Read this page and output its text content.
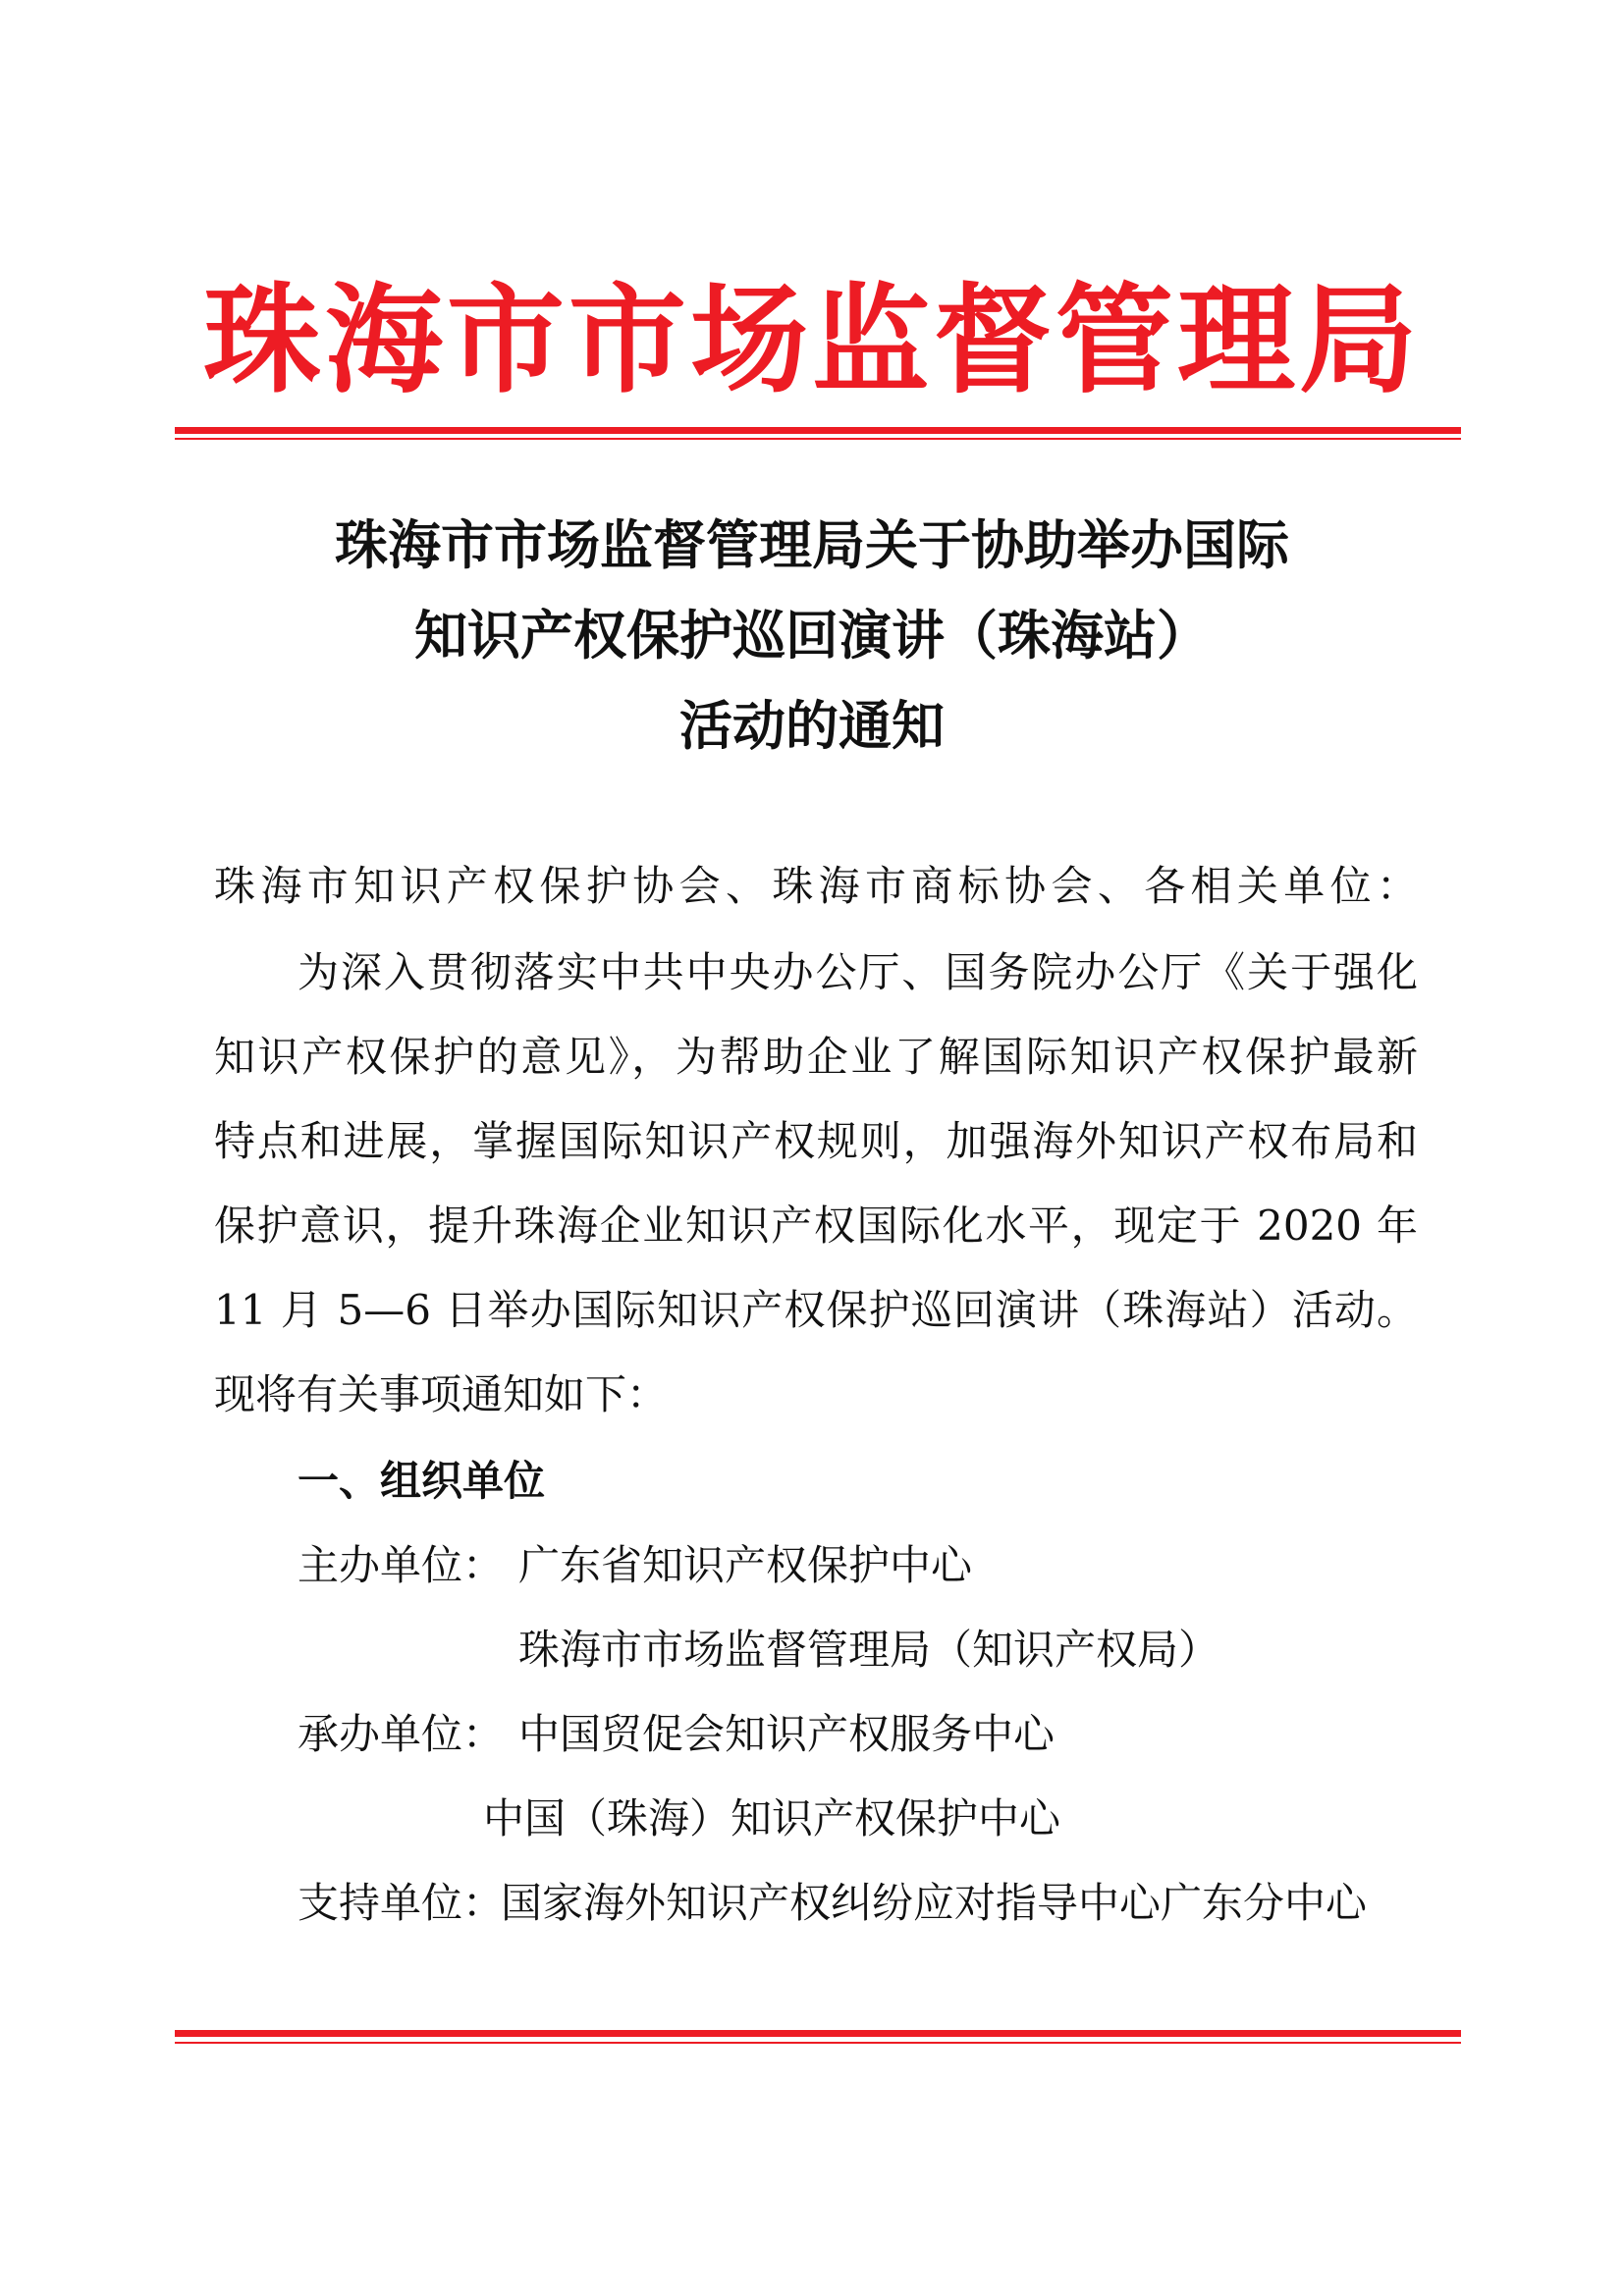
珠海市市场监督管理局
珠海市市场监督管理局关于协助举办国际
知识产权保护巡回演讲（珠海站）
活动的通知
珠海市知识产权保护协会、珠海市商标协会、各相关单位：
为深入贯彻落实中共中央办公厅、国务院办公厅《关于强化
知识产权保护的意见》，为帮助企业了解国际知识产权保护最新
特点和进展，掌握国际知识产权规则，加强海外知识产权布局和
保护意识，提升珠海企业知识产权国际化水平，现定于 2020 年
11 月 5—6 日举办国际知识产权保护巡回演讲（珠海站）活动。
现将有关事项通知如下：
一、组织单位
主办单位： 广东省知识产权保护中心
珠海市市场监督管理局（知识产权局）
承办单位： 中国贸促会知识产权服务中心
中国（珠海）知识产权保护中心
支持单位：
国家海外知识产权纠纷应对指导中心广东分中心
